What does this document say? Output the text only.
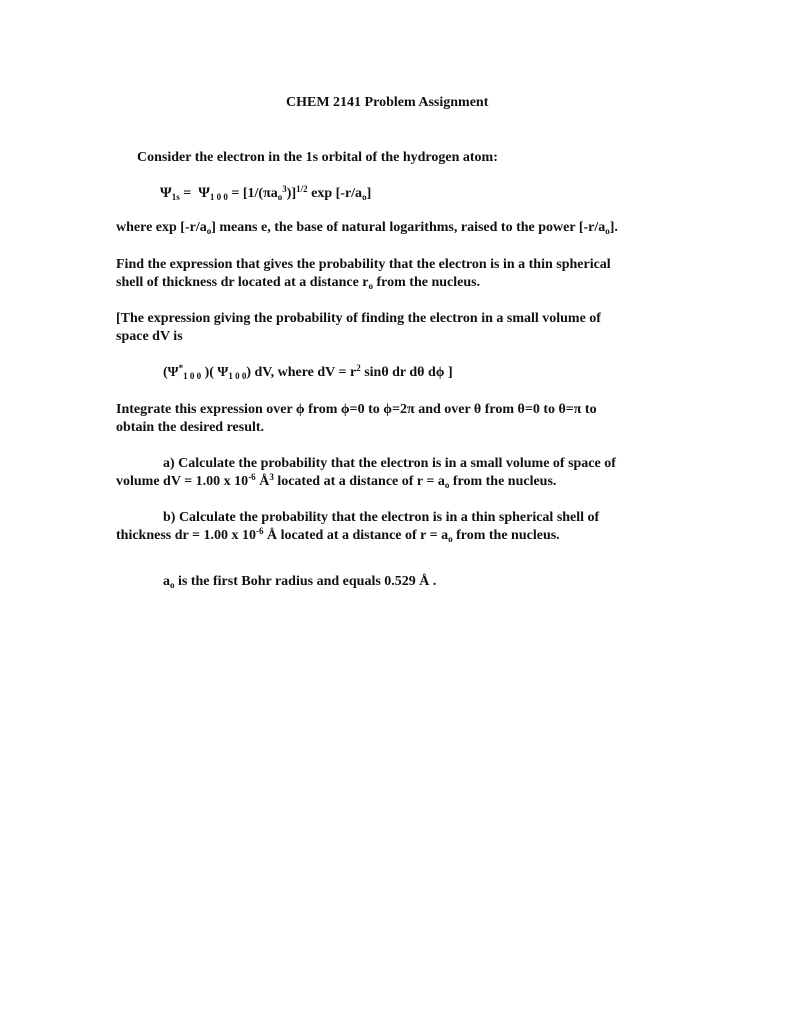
CHEM 2141 Problem Assignment
Consider the electron in the 1s orbital of the hydrogen atom:
$\Psi_{1s} = \Psi_{1 0 0} = [1/(\pi a_o^3)]^{1/2}$ $\exp [-r/a_o]$
where $\exp [-r/a_o]$ means e, the base of natural logarithms, raised to the power $[-r/a_o]$.
Find the expression that gives the probability that the electron is in a thin spherical
shell of thickness dr located at a distance $r_o$ from the nucleus.
[The expression giving the probability of finding the electron in a small volume of
space dV is
($\Psi^*_{1 0 0}$ )( $\Psi_{1 0 0}$) dV, where dV = $r^2$ sinθ dr dθ dϕ ]
Integrate this expression over ϕ from ϕ=0 to ϕ=2π and over θ from θ=0 to θ=π to
obtain the desired result.
a) Calculate the probability that the electron is in a small volume of space of
volume dV = 1.00 x $10^{-6}$ $Å^3$ located at a distance of $r = a_o$ from the nucleus.
b) Calculate the probability that the electron is in a thin spherical shell of
thickness dr = 1.00 x $10^{-6}$ Å located at a distance of $r = a_o$ from the nucleus.
$a_o$ is the first Bohr radius and equals 0.529 Å .
